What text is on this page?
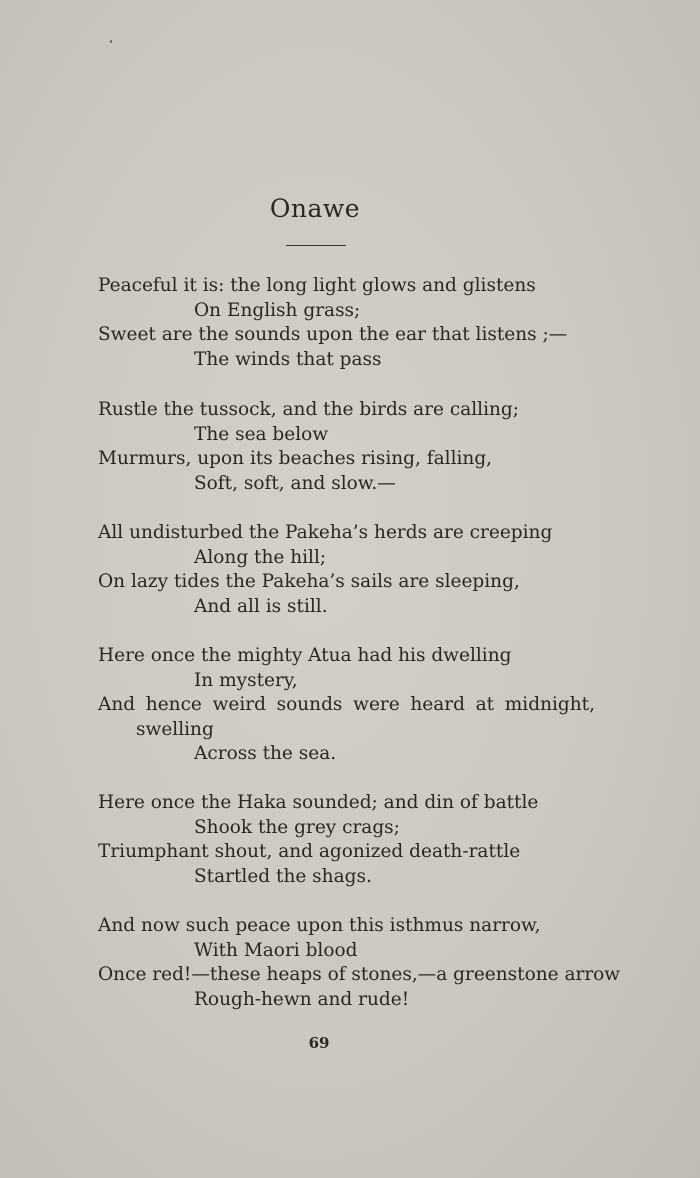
Onawe
Peaceful it is: the long light glows and glistens
On English grass;
Sweet are the sounds upon the ear that listens ;—
The winds that pass
Rustle the tussock, and the birds are calling;
The sea below
Murmurs, upon its beaches rising, falling,
Soft, soft, and slow.—
All undisturbed the Pakeha’s herds are creeping
Along the hill;
On lazy tides the Pakeha’s sails are sleeping,
And all is still.
Here once the mighty Atua had his dwelling
In mystery,
And hence weird sounds were heard at midnight,
swelling
Across the sea.
Here once the Haka sounded; and din of battle
Shook the grey crags;
Triumphant shout, and agonized death-rattle
Startled the shags.
And now such peace upon this isthmus narrow,
With Maori blood
Once red!—these heaps of stones,—a greenstone arrow
Rough-hewn and rude!
69
